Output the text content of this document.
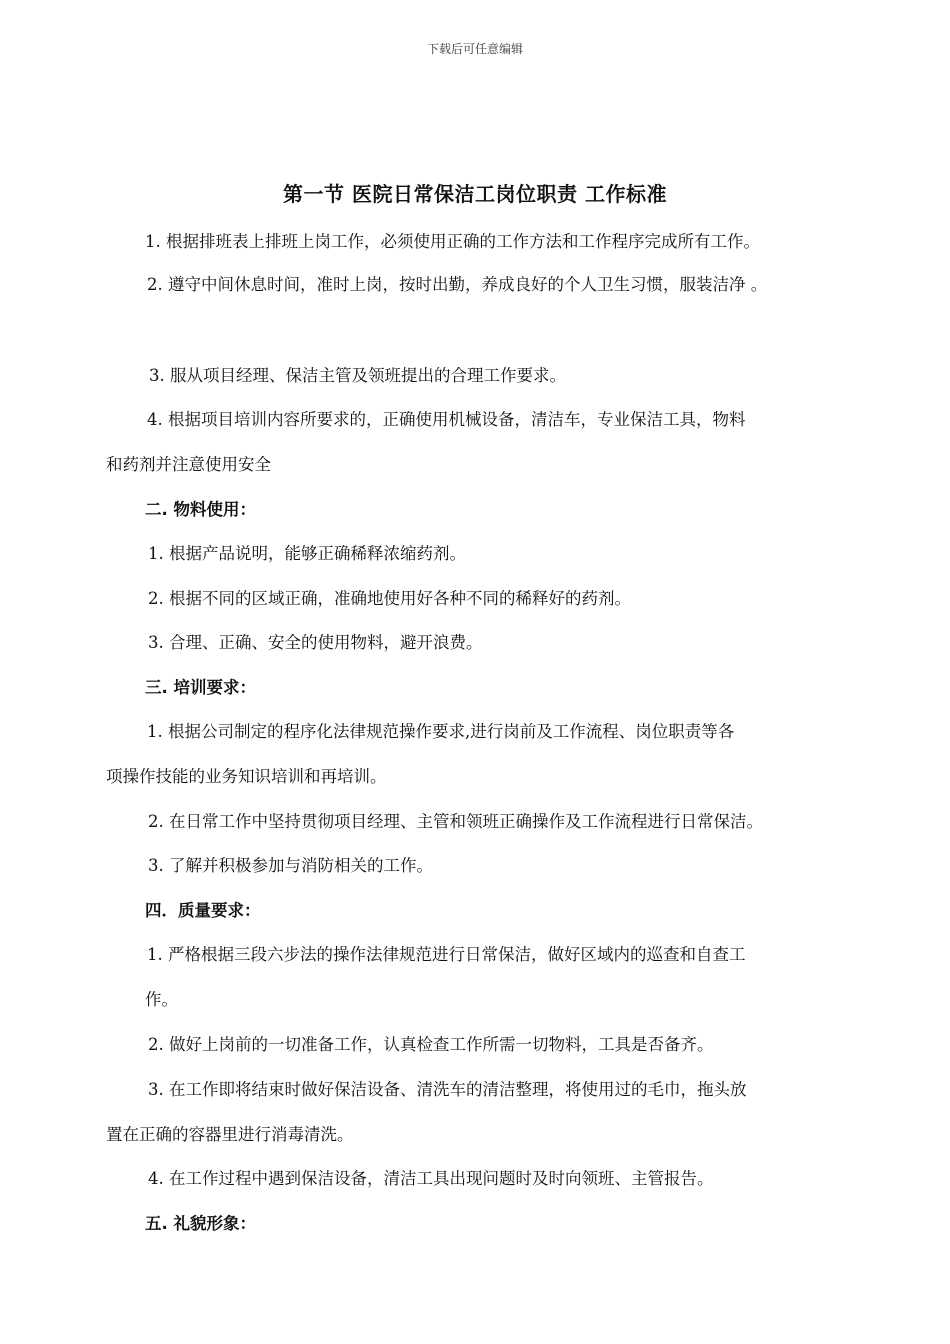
下载后可任意编辑
第一节 医院日常保洁工岗位职责 工作标准
1. 根据排班表上排班上岗工作，必须使用正确的工作方法和工作程序完成所有工作。
2. 遵守中间休息时间，准时上岗，按时出勤，养成良好的个人卫生习惯，服装洁净 。
3. 服从项目经理、保洁主管及领班提出的合理工作要求。
4. 根据项目培训内容所要求的，正确使用机械设备，清洁车，专业保洁工具，物料
和药剂并注意使用安全
二. 物料使用：
1. 根据产品说明，能够正确稀释浓缩药剂。
2. 根据不同的区域正确，准确地使用好各种不同的稀释好的药剂。
3. 合理、正确、安全的使用物料，避开浪费。
三. 培训要求：
1. 根据公司制定的程序化法律规范操作要求,进行岗前及工作流程、岗位职责等各
项操作技能的业务知识培训和再培训。
2. 在日常工作中坚持贯彻项目经理、主管和领班正确操作及工作流程进行日常保洁。
3. 了解并积极参加与消防相关的工作。
四．质量要求：
1. 严格根据三段六步法的操作法律规范进行日常保洁，做好区域内的巡查和自查工
作。
2. 做好上岗前的一切准备工作，认真检查工作所需一切物料，工具是否备齐。
3. 在工作即将结束时做好保洁设备、清洗车的清洁整理，将使用过的毛巾，拖头放
置在正确的容器里进行消毒清洗。
4. 在工作过程中遇到保洁设备，清洁工具出现问题时及时向领班、主管报告。
五. 礼貌形象：
